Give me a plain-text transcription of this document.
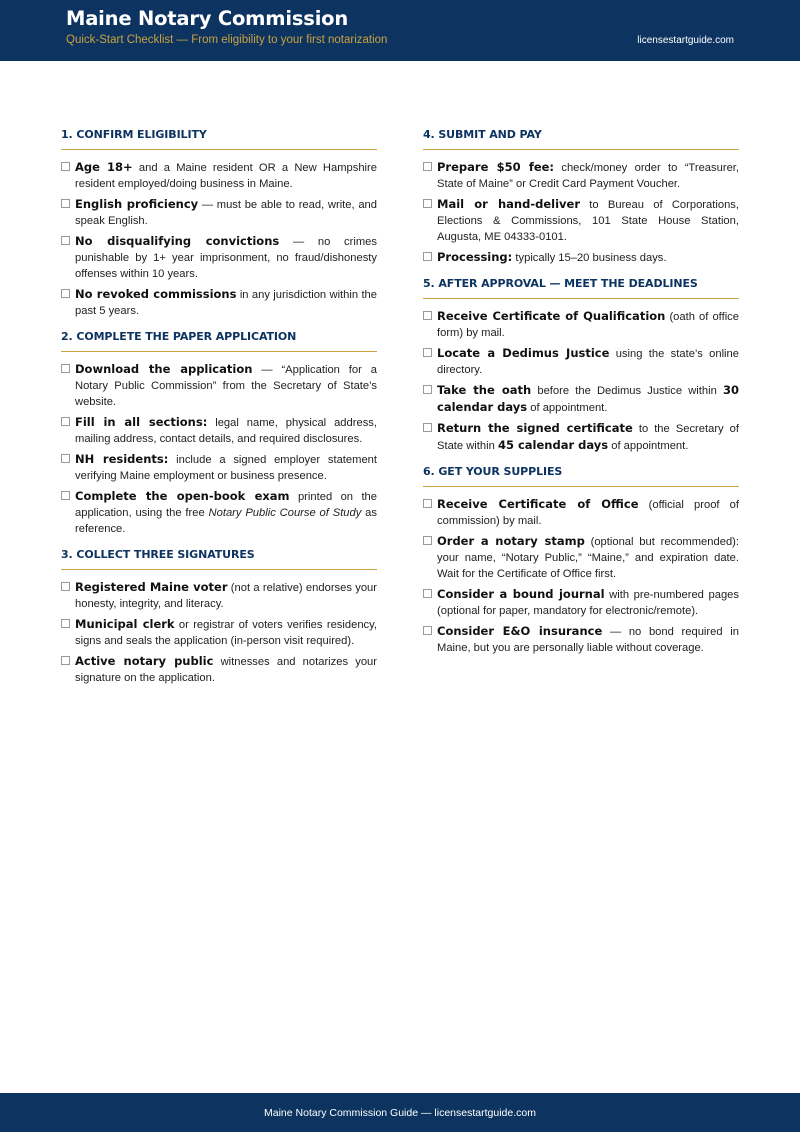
Maine Notary Commission
Quick-Start Checklist — From eligibility to your first notarization	licensestartguide.com
1. CONFIRM ELIGIBILITY
Age 18+ and a Maine resident OR a New Hampshire resident employed/doing business in Maine.
English proficiency — must be able to read, write, and speak English.
No disqualifying convictions — no crimes punishable by 1+ year imprisonment, no fraud/dishonesty offenses within 10 years.
No revoked commissions in any jurisdiction within the past 5 years.
2. COMPLETE THE PAPER APPLICATION
Download the application — “Application for a Notary Public Commission” from the Secretary of State’s website.
Fill in all sections: legal name, physical address, mailing address, contact details, and required disclosures.
NH residents: include a signed employer statement verifying Maine employment or business presence.
Complete the open-book exam printed on the application, using the free Notary Public Course of Study as reference.
3. COLLECT THREE SIGNATURES
Registered Maine voter (not a relative) endorses your honesty, integrity, and literacy.
Municipal clerk or registrar of voters verifies residency, signs and seals the application (in-person visit required).
Active notary public witnesses and notarizes your signature on the application.
4. SUBMIT AND PAY
Prepare $50 fee: check/money order to “Treasurer, State of Maine” or Credit Card Payment Voucher.
Mail or hand-deliver to Bureau of Corporations, Elections & Commissions, 101 State House Station, Augusta, ME 04333-0101.
Processing: typically 15–20 business days.
5. AFTER APPROVAL — MEET THE DEADLINES
Receive Certificate of Qualification (oath of office form) by mail.
Locate a Dedimus Justice using the state’s online directory.
Take the oath before the Dedimus Justice within 30 calendar days of appointment.
Return the signed certificate to the Secretary of State within 45 calendar days of appointment.
6. GET YOUR SUPPLIES
Receive Certificate of Office (official proof of commission) by mail.
Order a notary stamp (optional but recommended): your name, “Notary Public,” “Maine,” and expiration date. Wait for the Certificate of Office first.
Consider a bound journal with pre-numbered pages (optional for paper, mandatory for electronic/remote).
Consider E&O insurance — no bond required in Maine, but you are personally liable without coverage.
Maine Notary Commission Guide — licensestartguide.com
